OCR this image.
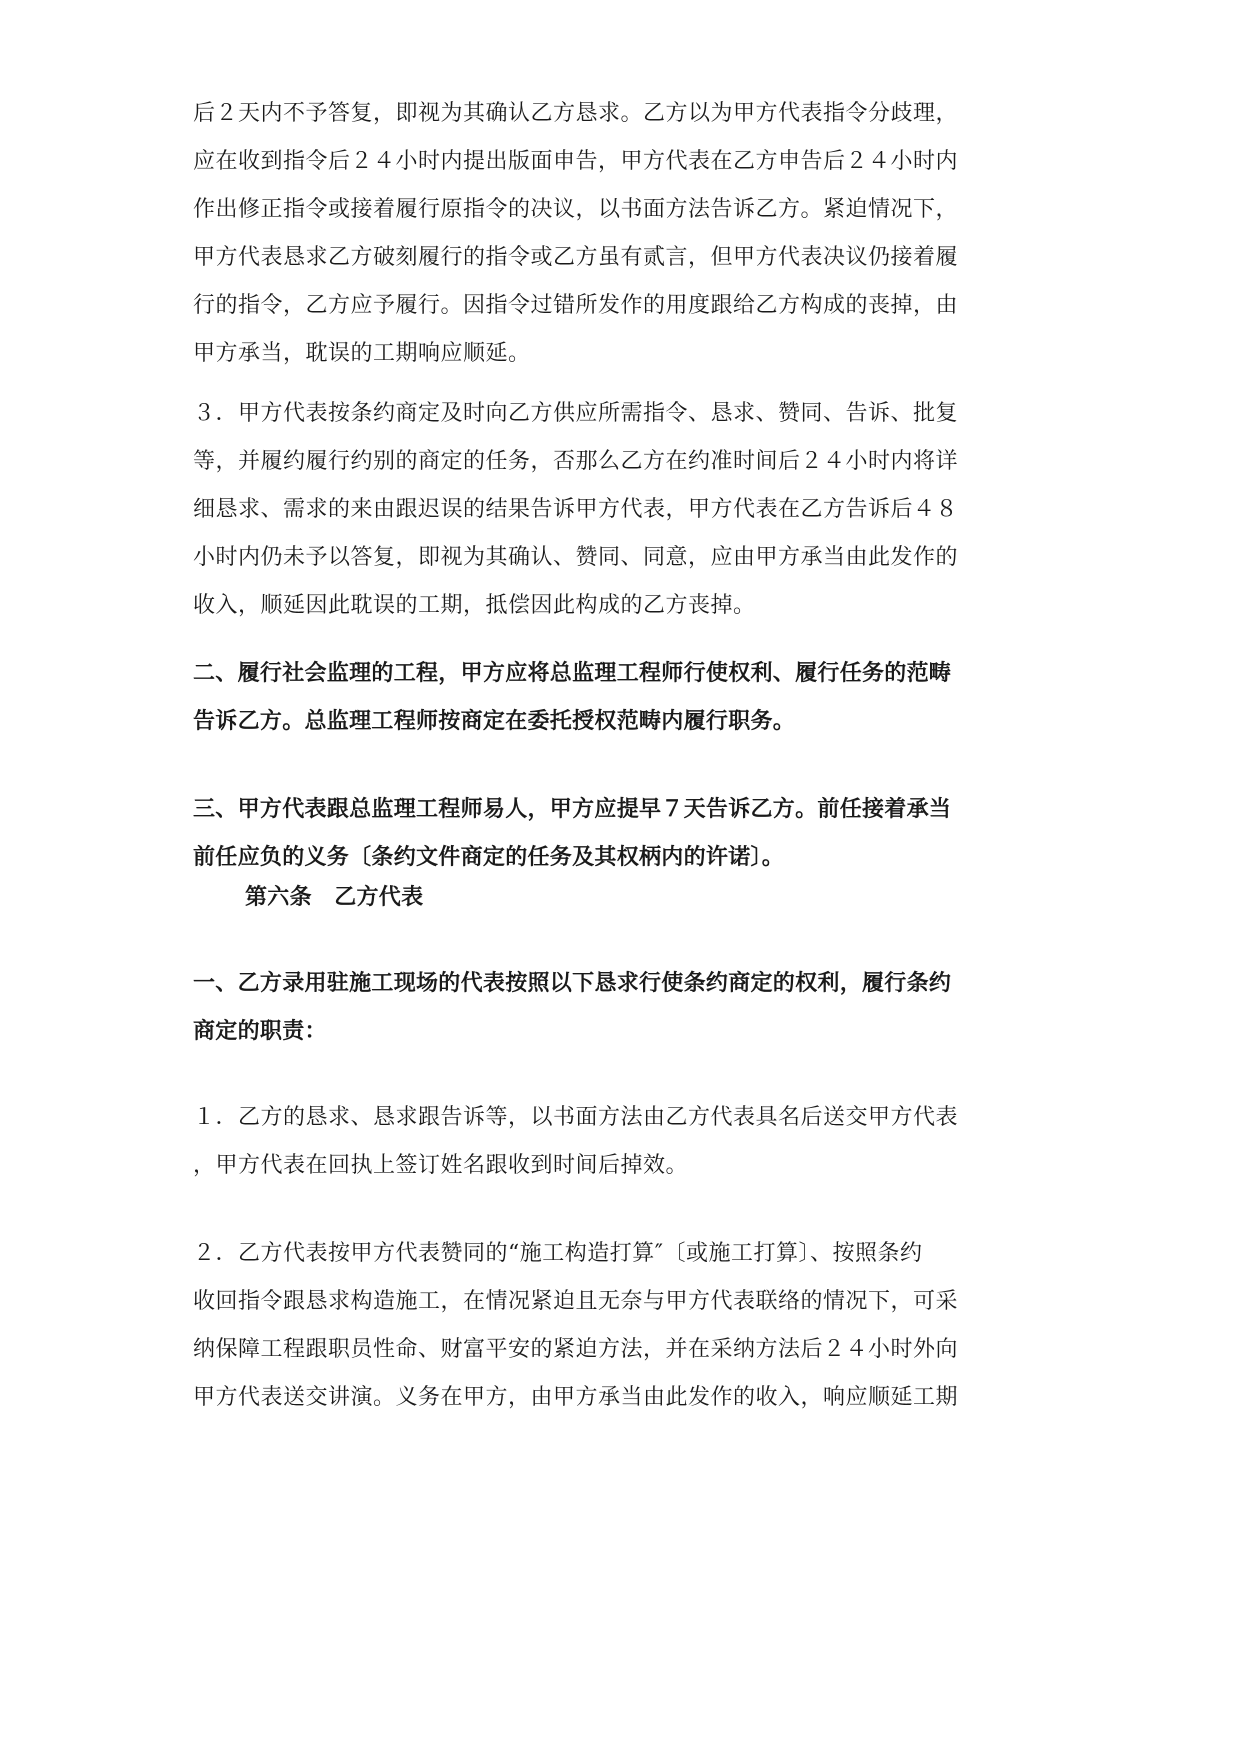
后２天内不予答复，即视为其确认乙方恳求。乙方以为甲方代表指令分歧理，
应在收到指令后２４小时内提出版面申告，甲方代表在乙方申告后２４小时内
作出修正指令或接着履行原指令的决议，以书面方法告诉乙方。紧迫情况下，
甲方代表恳求乙方破刻履行的指令或乙方虽有贰言，但甲方代表决议仍接着履
行的指令，乙方应予履行。因指令过错所发作的用度跟给乙方构成的丧掉，由
甲方承当，耽误的工期响应顺延。
３．甲方代表按条约商定及时向乙方供应所需指令、恳求、赞同、告诉、批复
等，并履约履行约别的商定的任务，否那么乙方在约准时间后２４小时内将详
细恳求、需求的来由跟迟误的结果告诉甲方代表，甲方代表在乙方告诉后４８
小时内仍未予以答复，即视为其确认、赞同、同意，应由甲方承当由此发作的
收入，顺延因此耽误的工期，抵偿因此构成的乙方丧掉。
二、履行社会监理的工程，甲方应将总监理工程师行使权利、履行任务的范畴
告诉乙方。总监理工程师按商定在委托授权范畴内履行职务。
三、甲方代表跟总监理工程师易人，甲方应提早７天告诉乙方。前任接着承当
前任应负的义务〔条约文件商定的任务及其权柄内的许诺〕。
第六条　乙方代表
一、乙方录用驻施工现场的代表按照以下恳求行使条约商定的权利，履行条约
商定的职责：
１．乙方的恳求、恳求跟告诉等，以书面方法由乙方代表具名后送交甲方代表
，甲方代表在回执上签订姓名跟收到时间后掉效。
２．乙方代表按甲方代表赞同的“施工构造打算″〔或施工打算〕、按照条约
收回指令跟恳求构造施工，在情况紧迫且无奈与甲方代表联络的情况下，可采
纳保障工程跟职员性命、财富平安的紧迫方法，并在采纳方法后２４小时外向
甲方代表送交讲演。义务在甲方，由甲方承当由此发作的收入，响应顺延工期
